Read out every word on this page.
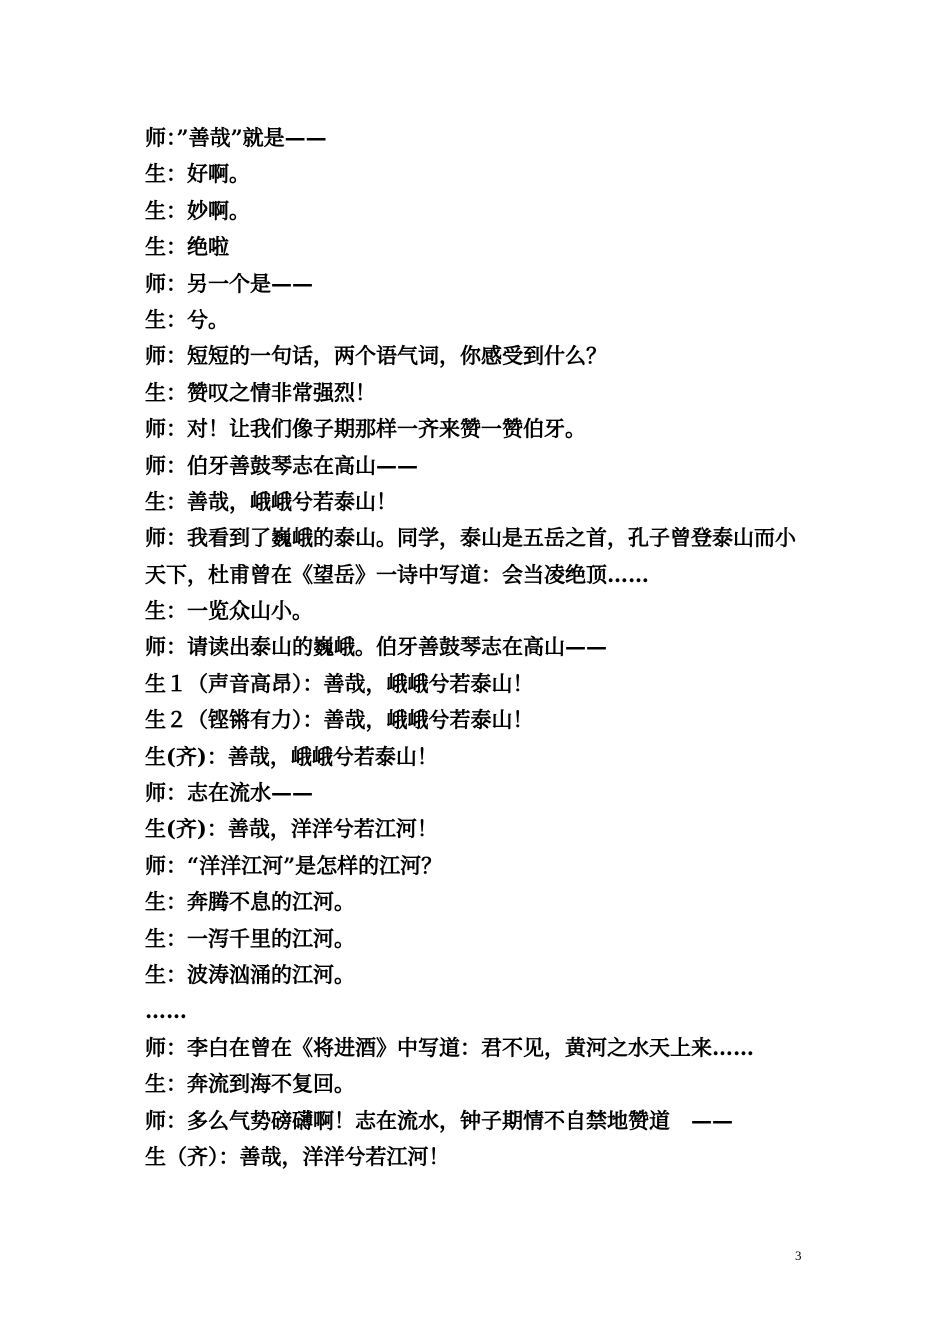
师：”善哉”就是——
生：好啊。
生：妙啊。
生：绝啦
师：另一个是——
生：兮。
师：短短的一句话，两个语气词，你感受到什么？
生：赞叹之情非常强烈！
师：对！让我们像子期那样一齐来赞一赞伯牙。
师：伯牙善鼓琴志在高山——
生：善哉，峨峨兮若泰山！
师：我看到了巍峨的泰山。同学，泰山是五岳之首，孔子曾登泰山而小
天下，杜甫曾在《望岳》一诗中写道：会当凌绝顶……
生：一览众山小。
师：请读出泰山的巍峨。伯牙善鼓琴志在高山——
生１（声音高昂）：善哉，峨峨兮若泰山！
生２（铿锵有力）：善哉，峨峨兮若泰山！
生(齐)：善哉，峨峨兮若泰山！
师：志在流水——
生(齐)：善哉，洋洋兮若江河！
师：“洋洋江河”是怎样的江河？
生：奔腾不息的江河。
生：一泻千里的江河。
生：波涛汹涌的江河。
……
师：李白在曾在《将进酒》中写道：君不见，黄河之水天上来……
生：奔流到海不复回。
师：多么气势磅礴啊！志在流水，钟子期情不自禁地赞道　——
生（齐）：善哉，洋洋兮若江河！
3
